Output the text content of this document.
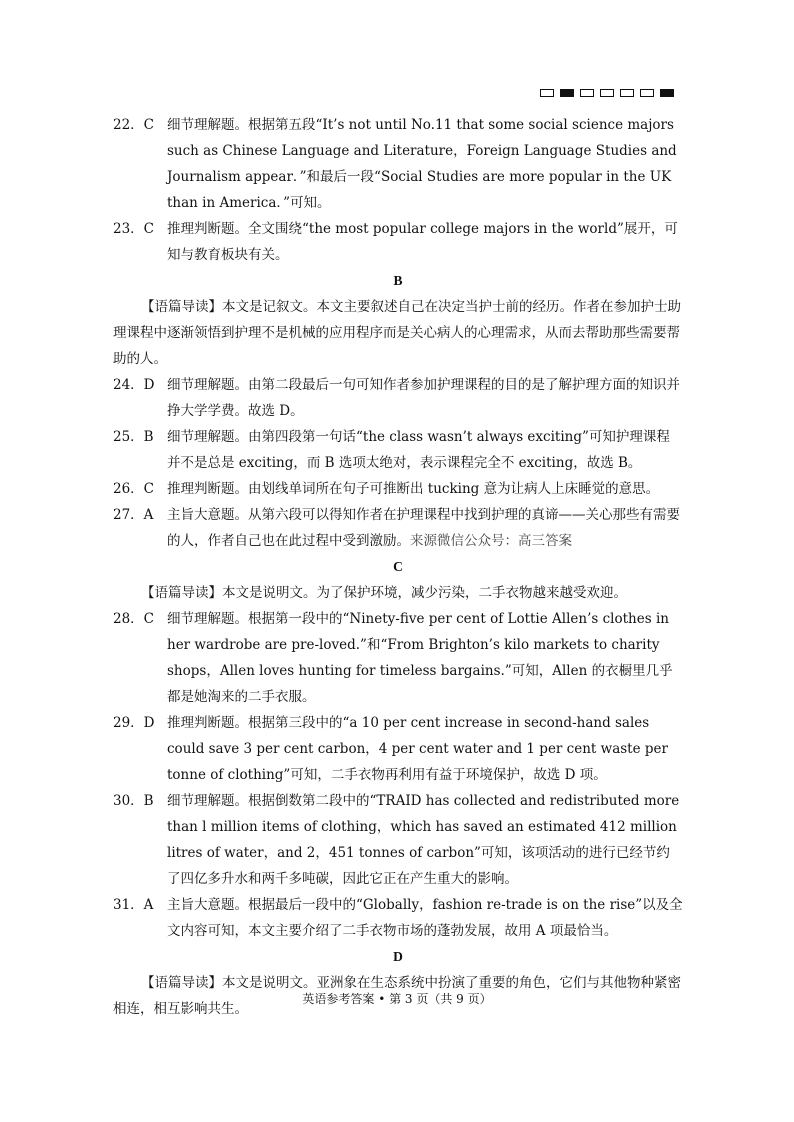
22．C 细节理解题。根据第五段“It’s not until No.11 that some social science majors such as Chinese Language and Literature，Foreign Language Studies and Journalism appear．”和最后一段“Social Studies are more popular in the UK than in America．”可知。
23．C 推理判断题。全文围绕“the most popular college majors in the world”展开，可知与教育板块有关。
B
【语篇导读】本文是记叙文。本文主要叙述自己在决定当护士前的经历。作者在参加护士助理课程中逐渐领悟到护理不是机械的应用程序而是关心病人的心理需求，从而去帮助那些需要帮助的人。
24．D 细节理解题。由第二段最后一句可知作者参加护理课程的目的是了解护理方面的知识并挣大学学费。故选 D。
25．B 细节理解题。由第四段第一句话“the class wasn’t always exciting”可知护理课程并不是总是 exciting，而 B 选项太绝对，表示课程完全不 exciting，故选 B。
26．C 推理判断题。由划线单词所在句子可推断出 tucking 意为让病人上床睡觉的意思。
27．A	主旨大意题。从第六段可以得知作者在护理课程中找到护理的真谛——关心那些有需要的人，作者自己也在此过程中受到激励。来源微信公众号：高三答案
C
【语篇导读】本文是说明文。为了保护环境，减少污染，二手衣物越来越受欢迎。
28．C 细节理解题。根据第一段中的“Ninety-five per cent of Lottie Allen’s clothes in her wardrobe are pre-loved.”和“From Brighton’s kilo markets to charity shops，Allen loves hunting for timeless bargains.”可知，Allen 的衣橱里几乎都是她淘来的二手衣服。
29．D 推理判断题。根据第三段中的“a 10 per cent increase in second-hand sales could save 3 per cent carbon，4 per cent water and 1 per cent waste per tonne of clothing”可知，二手衣物再利用有益于环境保护，故选 D 项。
30．B 细节理解题。根据倒数第二段中的“TRAID has collected and redistributed more than l million items of clothing，which has saved an estimated 412 million litres of water，and 2，451 tonnes of carbon”可知，该项活动的进行已经节约了四亿多升水和两千多吨碳，因此它正在产生重大的影响。
31．A	主旨大意题。根据最后一段中的“Globally，fashion re-trade is on the rise”以及全文内容可知，本文主要介绍了二手衣物市场的蓬勃发展，故用 A 项最恰当。
D
【语篇导读】本文是说明文。亚洲象在生态系统中扮演了重要的角色，它们与其他物种紧密相连，相互影响共生。
英语参考答案 • 第 3 页（共 9 页）
